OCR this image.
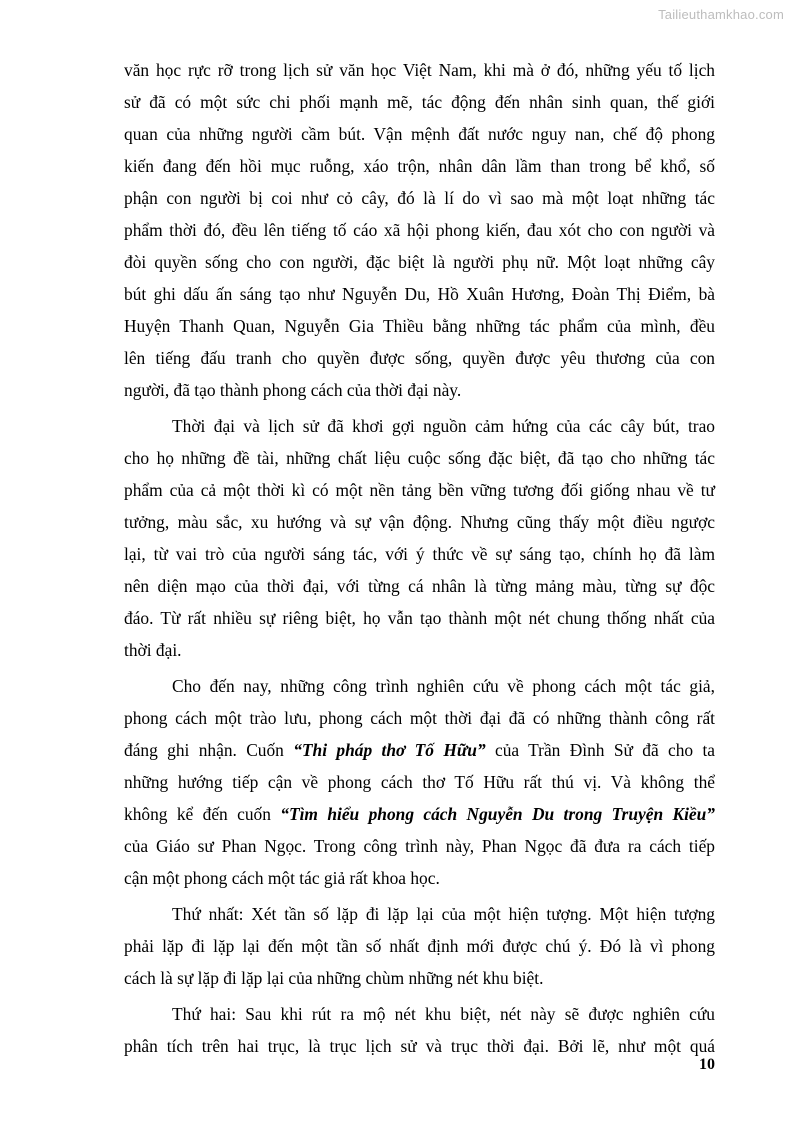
Tailieuthamkhao.com

văn học rực rỡ trong lịch sử văn học Việt Nam, khi mà ở đó, những yếu tố lịch
sử đã có một sức chi phối mạnh mẽ, tác động đến nhân sinh quan, thế giới
quan của những người cầm bút. Vận mệnh đất nước nguy nan, chế độ phong
kiến đang đến hồi mục ruỗng, xáo trộn, nhân dân lầm than trong bể khổ, số
phận con người bị coi như cỏ cây, đó là lí do vì sao mà một loạt những tác
phẩm thời đó, đều lên tiếng tố cáo xã hội phong kiến, đau xót cho con người và
đòi quyền sống cho con người, đặc biệt là người phụ nữ. Một loạt những cây
bút ghi dấu ấn sáng tạo như Nguyễn Du, Hồ Xuân Hương, Đoàn Thị Điểm, bà
Huyện Thanh Quan, Nguyễn Gia Thiều bằng những tác phẩm của mình, đều
lên tiếng đấu tranh cho quyền được sống, quyền được yêu thương của con
người, đã tạo thành phong cách của thời đại này.

Thời đại và lịch sử đã khơi gợi nguồn cảm hứng của các cây bút, trao
cho họ những đề tài, những chất liệu cuộc sống đặc biệt, đã tạo cho những tác
phẩm của cả một thời kì có một nền tảng bền vững tương đối giống nhau về tư
tưởng, màu sắc, xu hướng và sự vận động. Nhưng cũng thấy một điều ngược
lại, từ vai trò của người sáng tác, với ý thức về sự sáng tạo, chính họ đã làm
nên diện mạo của thời đại, với từng cá nhân là từng mảng màu, từng sự độc
đáo. Từ rất nhiều sự riêng biệt, họ vẫn tạo thành một nét chung thống nhất của
thời đại.

Cho đến nay, những công trình nghiên cứu về phong cách một tác giả,
phong cách một trào lưu, phong cách một thời đại đã có những thành công rất
đáng ghi nhận. Cuốn “Thi pháp thơ Tố Hữu” của Trần Đình Sử đã cho ta
những hướng tiếp cận về phong cách thơ Tố Hữu rất thú vị. Và không thể
không kể đến cuốn “Tìm hiểu phong cách Nguyễn Du trong Truyện Kiều”
của Giáo sư Phan Ngọc. Trong công trình này, Phan Ngọc đã đưa ra cách tiếp
cận một phong cách một tác giả rất khoa học.

Thứ nhất: Xét tần số lặp đi lặp lại của một hiện tượng. Một hiện tượng
phải lặp đi lặp lại đến một tần số nhất định mới được chú ý. Đó là vì phong
cách là sự lặp đi lặp lại của những chùm những nét khu biệt.

Thứ hai: Sau khi rút ra mộ nét khu biệt, nét này sẽ được nghiên cứu
phân tích trên hai trục, là trục lịch sử và trục thời đại. Bởi lẽ, như một quá

10
